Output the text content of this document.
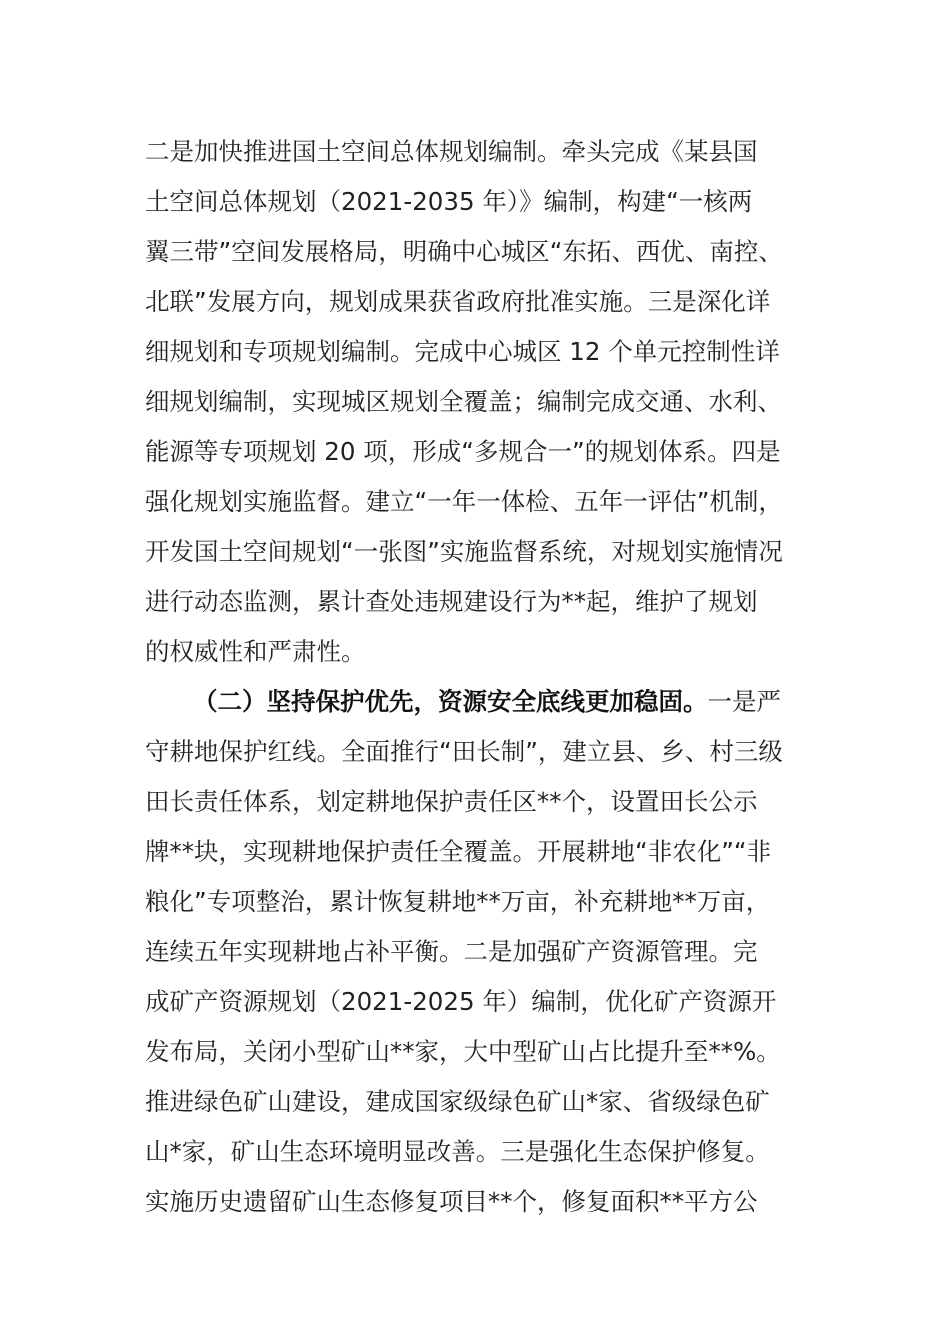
二是加快推进国土空间总体规划编制。牵头完成《某县国
土空间总体规划（2021-2035 年）》编制，构建“一核两
翼三带”空间发展格局，明确中心城区“东拓、西优、南控、
北联”发展方向，规划成果获省政府批准实施。三是深化详
细规划和专项规划编制。完成中心城区 12 个单元控制性详
细规划编制，实现城区规划全覆盖；编制完成交通、水利、
能源等专项规划 20 项，形成“多规合一”的规划体系。四是
强化规划实施监督。建立“一年一体检、五年一评估”机制，
开发国土空间规划“一张图”实施监督系统，对规划实施情况
进行动态监测，累计查处违规建设行为**起，维护了规划
的权威性和严肃性。
（二）坚持保护优先，资源安全底线更加稳固。一是严
守耕地保护红线。全面推行“田长制”，建立县、乡、村三级
田长责任体系，划定耕地保护责任区**个，设置田长公示
牌**块，实现耕地保护责任全覆盖。开展耕地“非农化”“非
粮化”专项整治，累计恢复耕地**万亩，补充耕地**万亩，
连续五年实现耕地占补平衡。二是加强矿产资源管理。完
成矿产资源规划（2021-2025 年）编制，优化矿产资源开
发布局，关闭小型矿山**家，大中型矿山占比提升至**%。
推进绿色矿山建设，建成国家级绿色矿山*家、省级绿色矿
山*家，矿山生态环境明显改善。三是强化生态保护修复。
实施历史遗留矿山生态修复项目**个，修复面积**平方公
